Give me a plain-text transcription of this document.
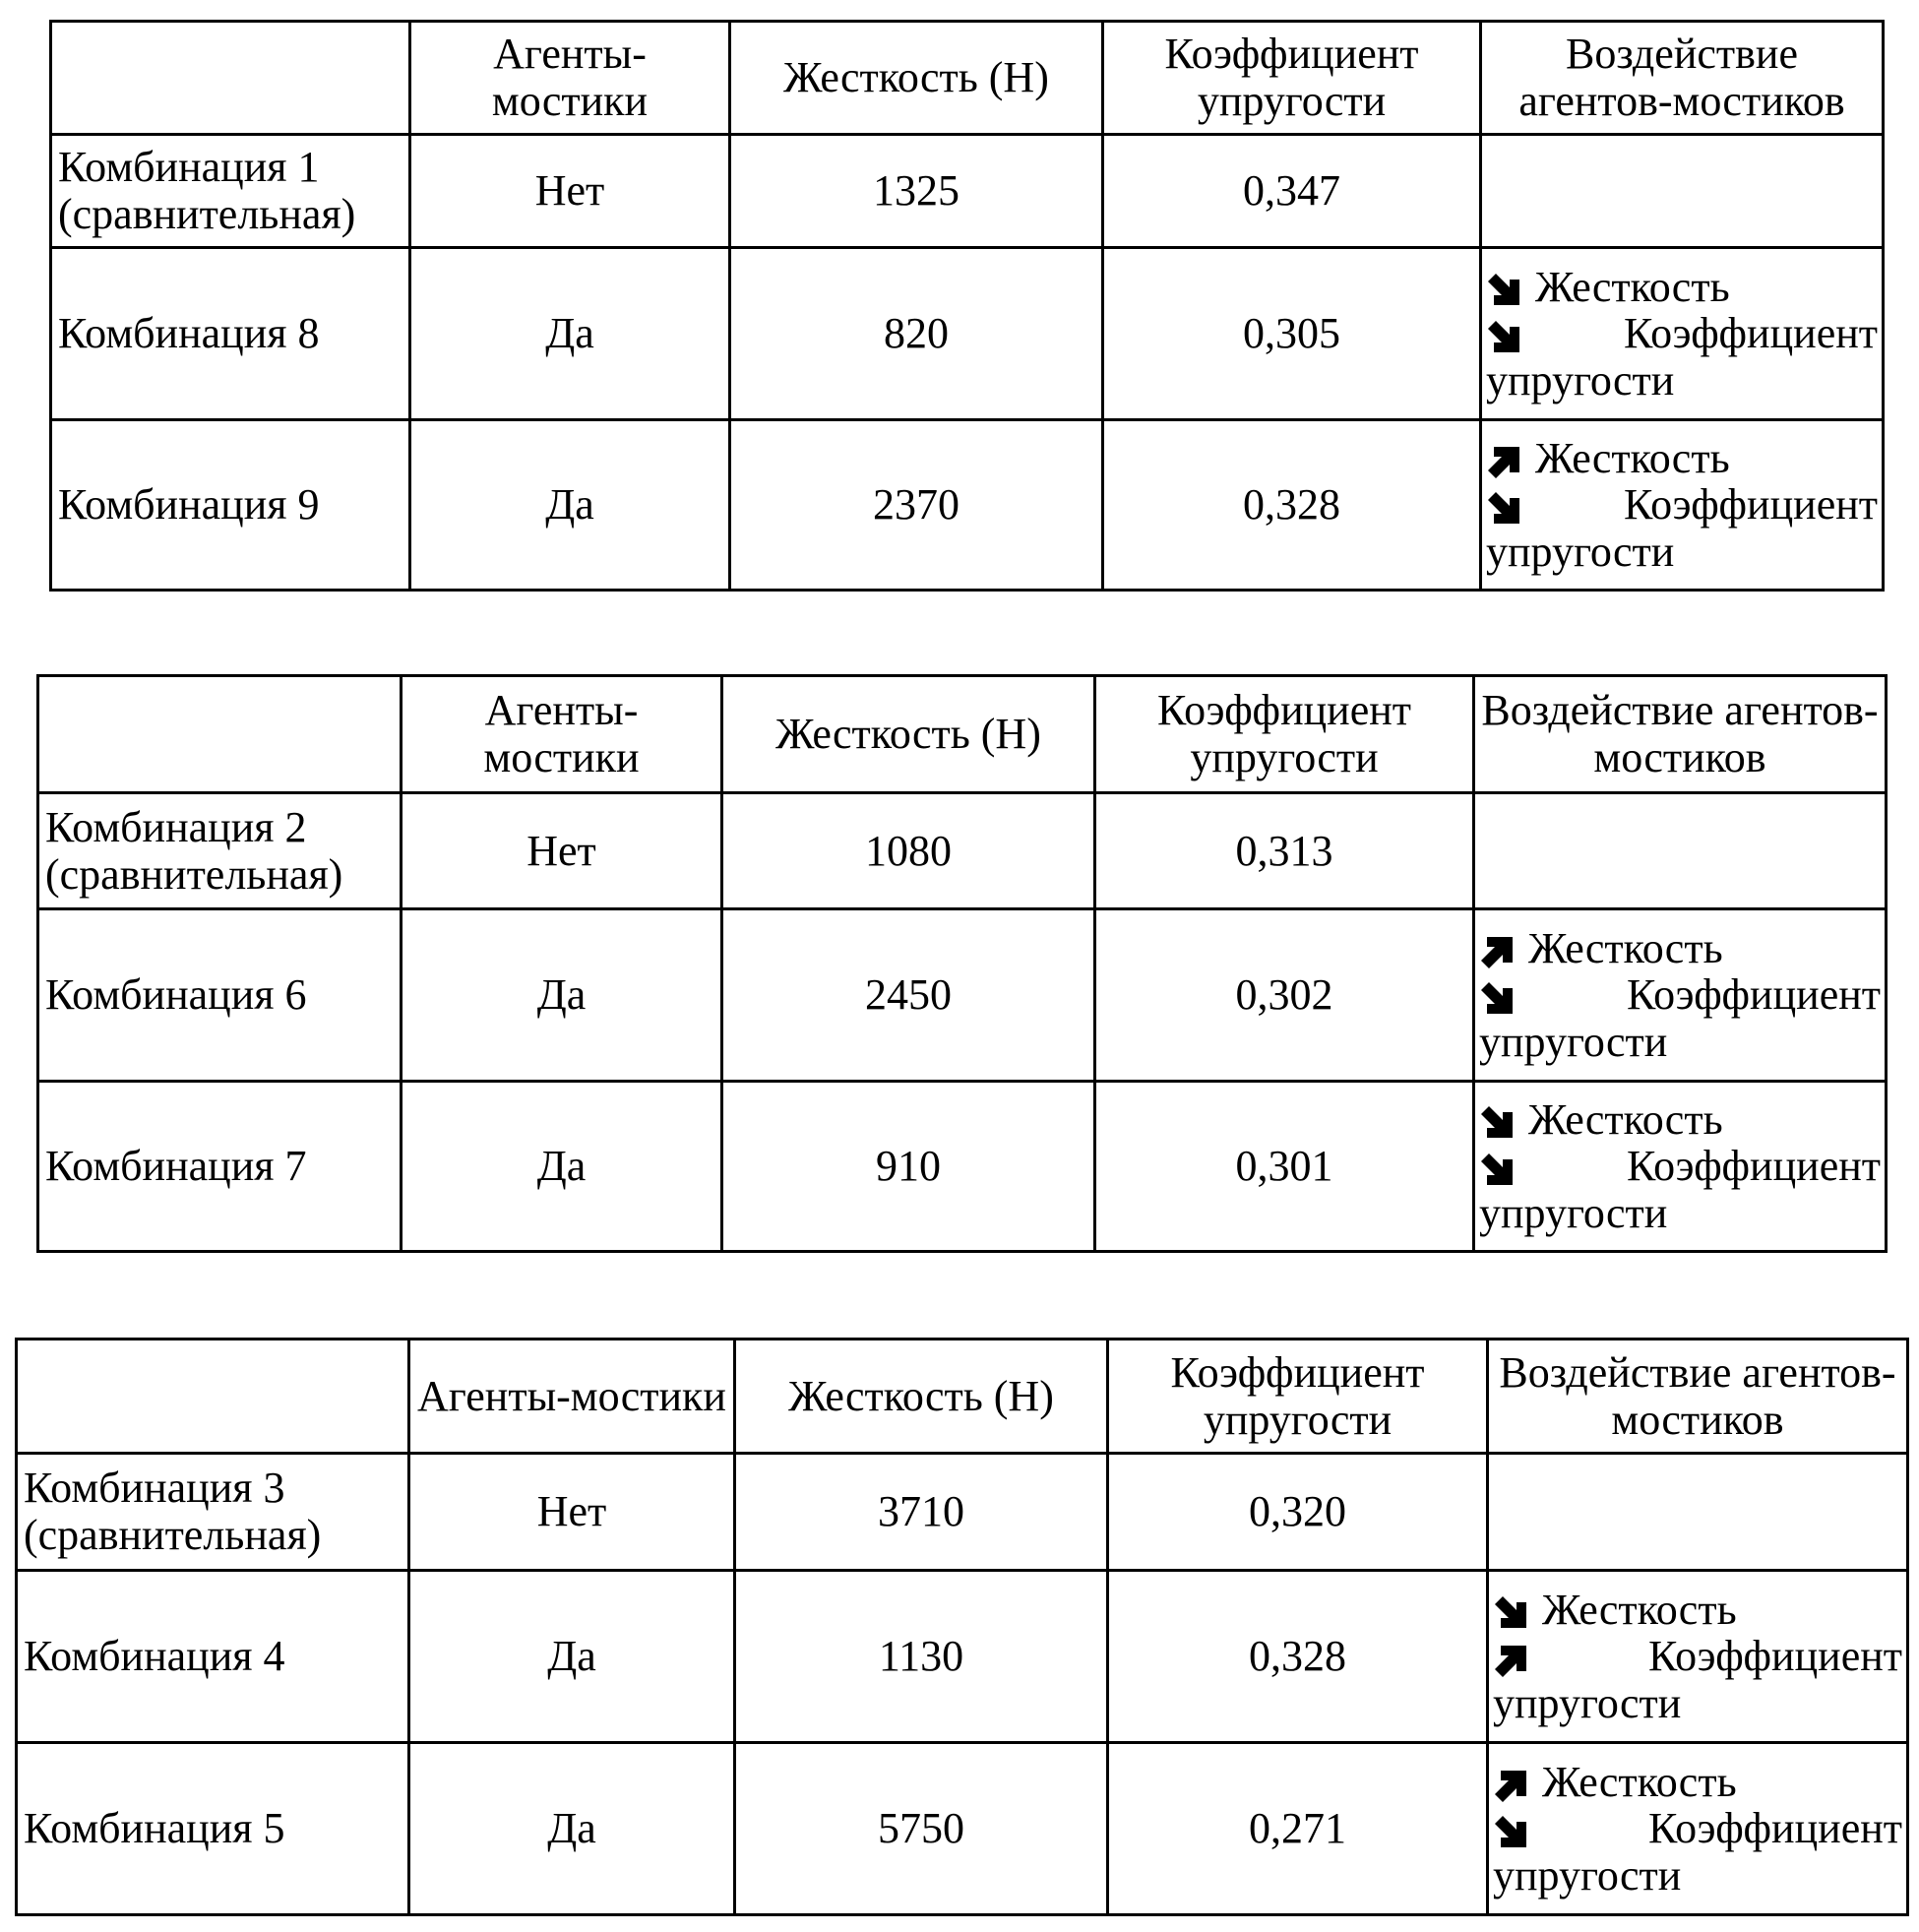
	Агенты-мостики	Жесткость (Н)	Коэффициент упругости	Воздействие агентов-мостиков
Комбинация 1 (сравнительная)	Нет	1325	0,347	
Комбинация 8	Да	820	0,305	
Жесткость
Коэффициент
упругости

Комбинация 9	Да	2370	0,328	
Жесткость
Коэффициент
упругости
	Агенты-мостики	Жесткость (Н)	Коэффициент упругости	Воздействие агентов-мостиков
Комбинация 2 (сравнительная)	Нет	1080	0,313	
Комбинация 6	Да	2450	0,302	
Жесткость
Коэффициент
упругости

Комбинация 7	Да	910	0,301	
Жесткость
Коэффициент
упругости
	Агенты-мостики	Жесткость (Н)	Коэффициент упругости	Воздействие агентов-мостиков
Комбинация 3 (сравнительная)	Нет	3710	0,320	
Комбинация 4	Да	1130	0,328	
Жесткость
Коэффициент
упругости

Комбинация 5	Да	5750	0,271	
Жесткость
Коэффициент
упругости
